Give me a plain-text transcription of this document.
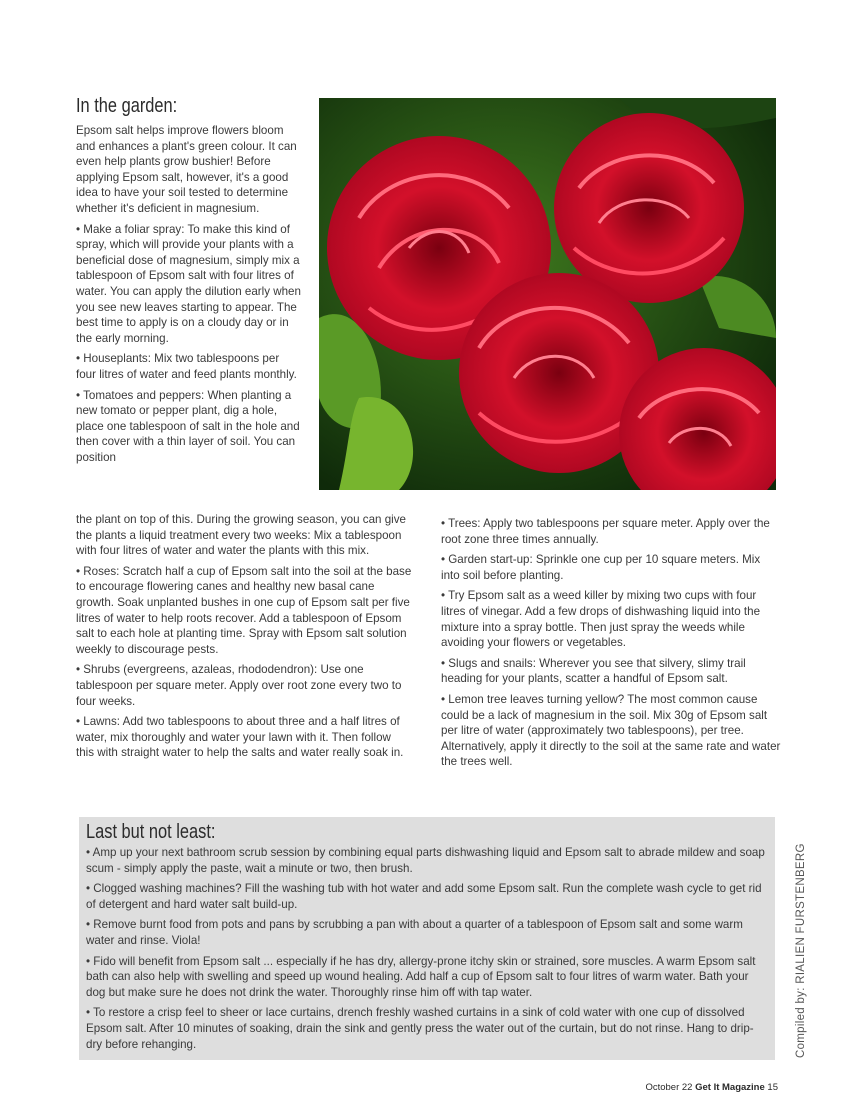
In the garden:

Epsom salt helps improve flowers bloom and enhances a plant's green colour. It can even help plants grow bushier! Before applying Epsom salt, however, it's a good idea to have your soil tested to determine whether it's deficient in magnesium.

• Make a foliar spray: To make this kind of spray, which will provide your plants with a beneficial dose of magnesium, simply mix a tablespoon of Epsom salt with four litres of water. You can apply the dilution early when you see new leaves starting to appear. The best time to apply is on a cloudy day or in the early morning.

• Houseplants: Mix two tablespoons per four litres of water and feed plants monthly.

• Tomatoes and peppers: When planting a new tomato or pepper plant, dig a hole, place one tablespoon of salt in the hole and then cover with a thin layer of soil. You can position

the plant on top of this. During the growing season, you can give the plants a liquid treatment every two weeks: Mix a tablespoon with four litres of water and water the plants with this mix.

• Roses: Scratch half a cup of Epsom salt into the soil at the base to encourage flowering canes and healthy new basal cane growth. Soak unplanted bushes in one cup of Epsom salt per five litres of water to help roots recover. Add a tablespoon of Epsom salt to each hole at planting time. Spray with Epsom salt solution weekly to discourage pests.

• Shrubs (evergreens, azaleas, rhododendron): Use one tablespoon per square meter. Apply over root zone every two to four weeks.

• Lawns: Add two tablespoons to about three and a half litres of water, mix thoroughly and water your lawn with it. Then follow this with straight water to help the salts and water really soak in.

• Trees: Apply two tablespoons per square meter. Apply over the root zone three times annually.

• Garden start-up: Sprinkle one cup per 10 square meters. Mix into soil before planting.

• Try Epsom salt as a weed killer by mixing two cups with four litres of vinegar. Add a few drops of dishwashing liquid into the mixture into a spray bottle. Then just spray the weeds while avoiding your flowers or vegetables.

• Slugs and snails: Wherever you see that silvery, slimy trail heading for your plants, scatter a handful of Epsom salt.

• Lemon tree leaves turning yellow? The most common cause could be a lack of magnesium in the soil. Mix 30g of Epsom salt per litre of water (approximately two tablespoons), per tree. Alternatively, apply it directly to the soil at the same rate and water the trees well.

Last but not least:

• Amp up your next bathroom scrub session by combining equal parts dishwashing liquid and Epsom salt to abrade mildew and soap scum - simply apply the paste, wait a minute or two, then brush.

• Clogged washing machines? Fill the washing tub with hot water and add some Epsom salt. Run the complete wash cycle to get rid of detergent and hard water salt build-up.

• Remove burnt food from pots and pans by scrubbing a pan with about a quarter of a tablespoon of Epsom salt and some warm water and rinse. Viola!

• Fido will benefit from Epsom salt ... especially if he has dry, allergy-prone itchy skin or strained, sore muscles. A warm Epsom salt bath can also help with swelling and speed up wound healing. Add half a cup of Epsom salt to four litres of warm water. Bath your dog but make sure he does not drink the water. Thoroughly rinse him off with tap water.

• To restore a crisp feel to sheer or lace curtains, drench freshly washed curtains in a sink of cold water with one cup of dissolved Epsom salt. After 10 minutes of soaking, drain the sink and gently press the water out of the curtain, but do not rinse. Hang to drip-dry before rehanging.	Compiled by: RIALIEN FURSTENBERG
October 22 Get It Magazine 15
